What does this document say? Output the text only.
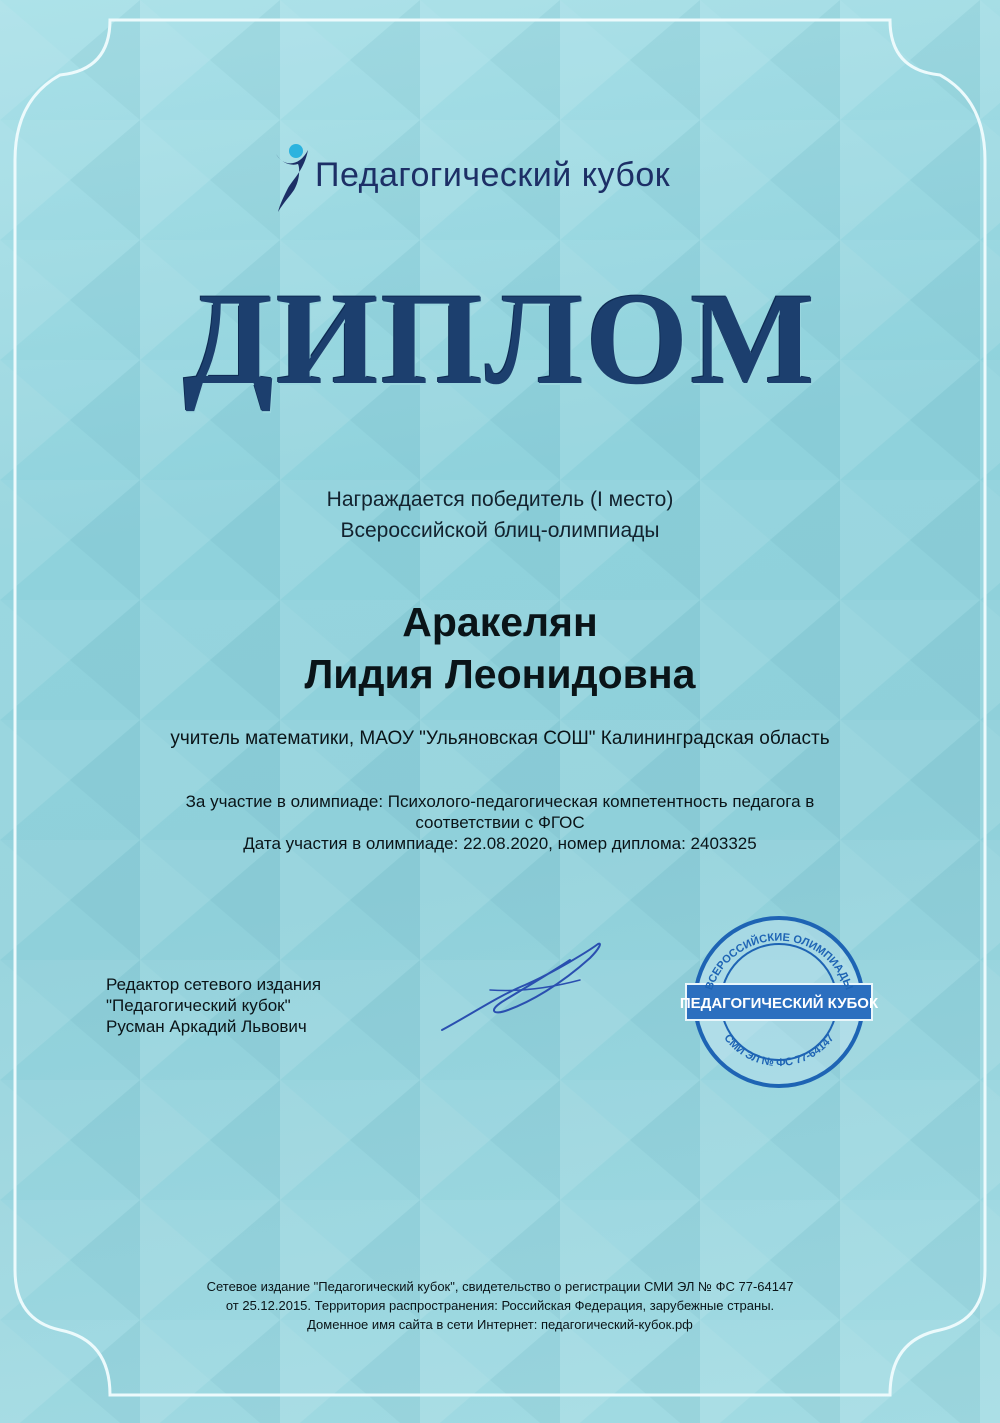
Педагогический кубок
ДИПЛОМ
Награждается победитель (I место)
Всероссийской блиц-олимпиады
Аракелян
Лидия Леонидовна
учитель математики, МАОУ "Ульяновская СОШ" Калининградская область
За участие в олимпиаде: Психолого-педагогическая компетентность педагога в
соответствии с ФГОС
Дата участия в олимпиаде: 22.08.2020, номер диплома: 2403325
Редактор сетевого издания
"Педагогический кубок"
Русман Аркадий Львович
ПЕДАГОГИЧЕСКИЙ КУБОК
ВСЕРОССИЙСКИЕ ОЛИМПИАДЫ
СМИ ЭЛ № ФС 77-64147
Сетевое издание "Педагогический кубок", свидетельство о регистрации СМИ ЭЛ № ФС 77-64147
от 25.12.2015. Территория распространения: Российская Федерация, зарубежные страны.
Доменное имя сайта в сети Интернет: педагогический-кубок.рф
